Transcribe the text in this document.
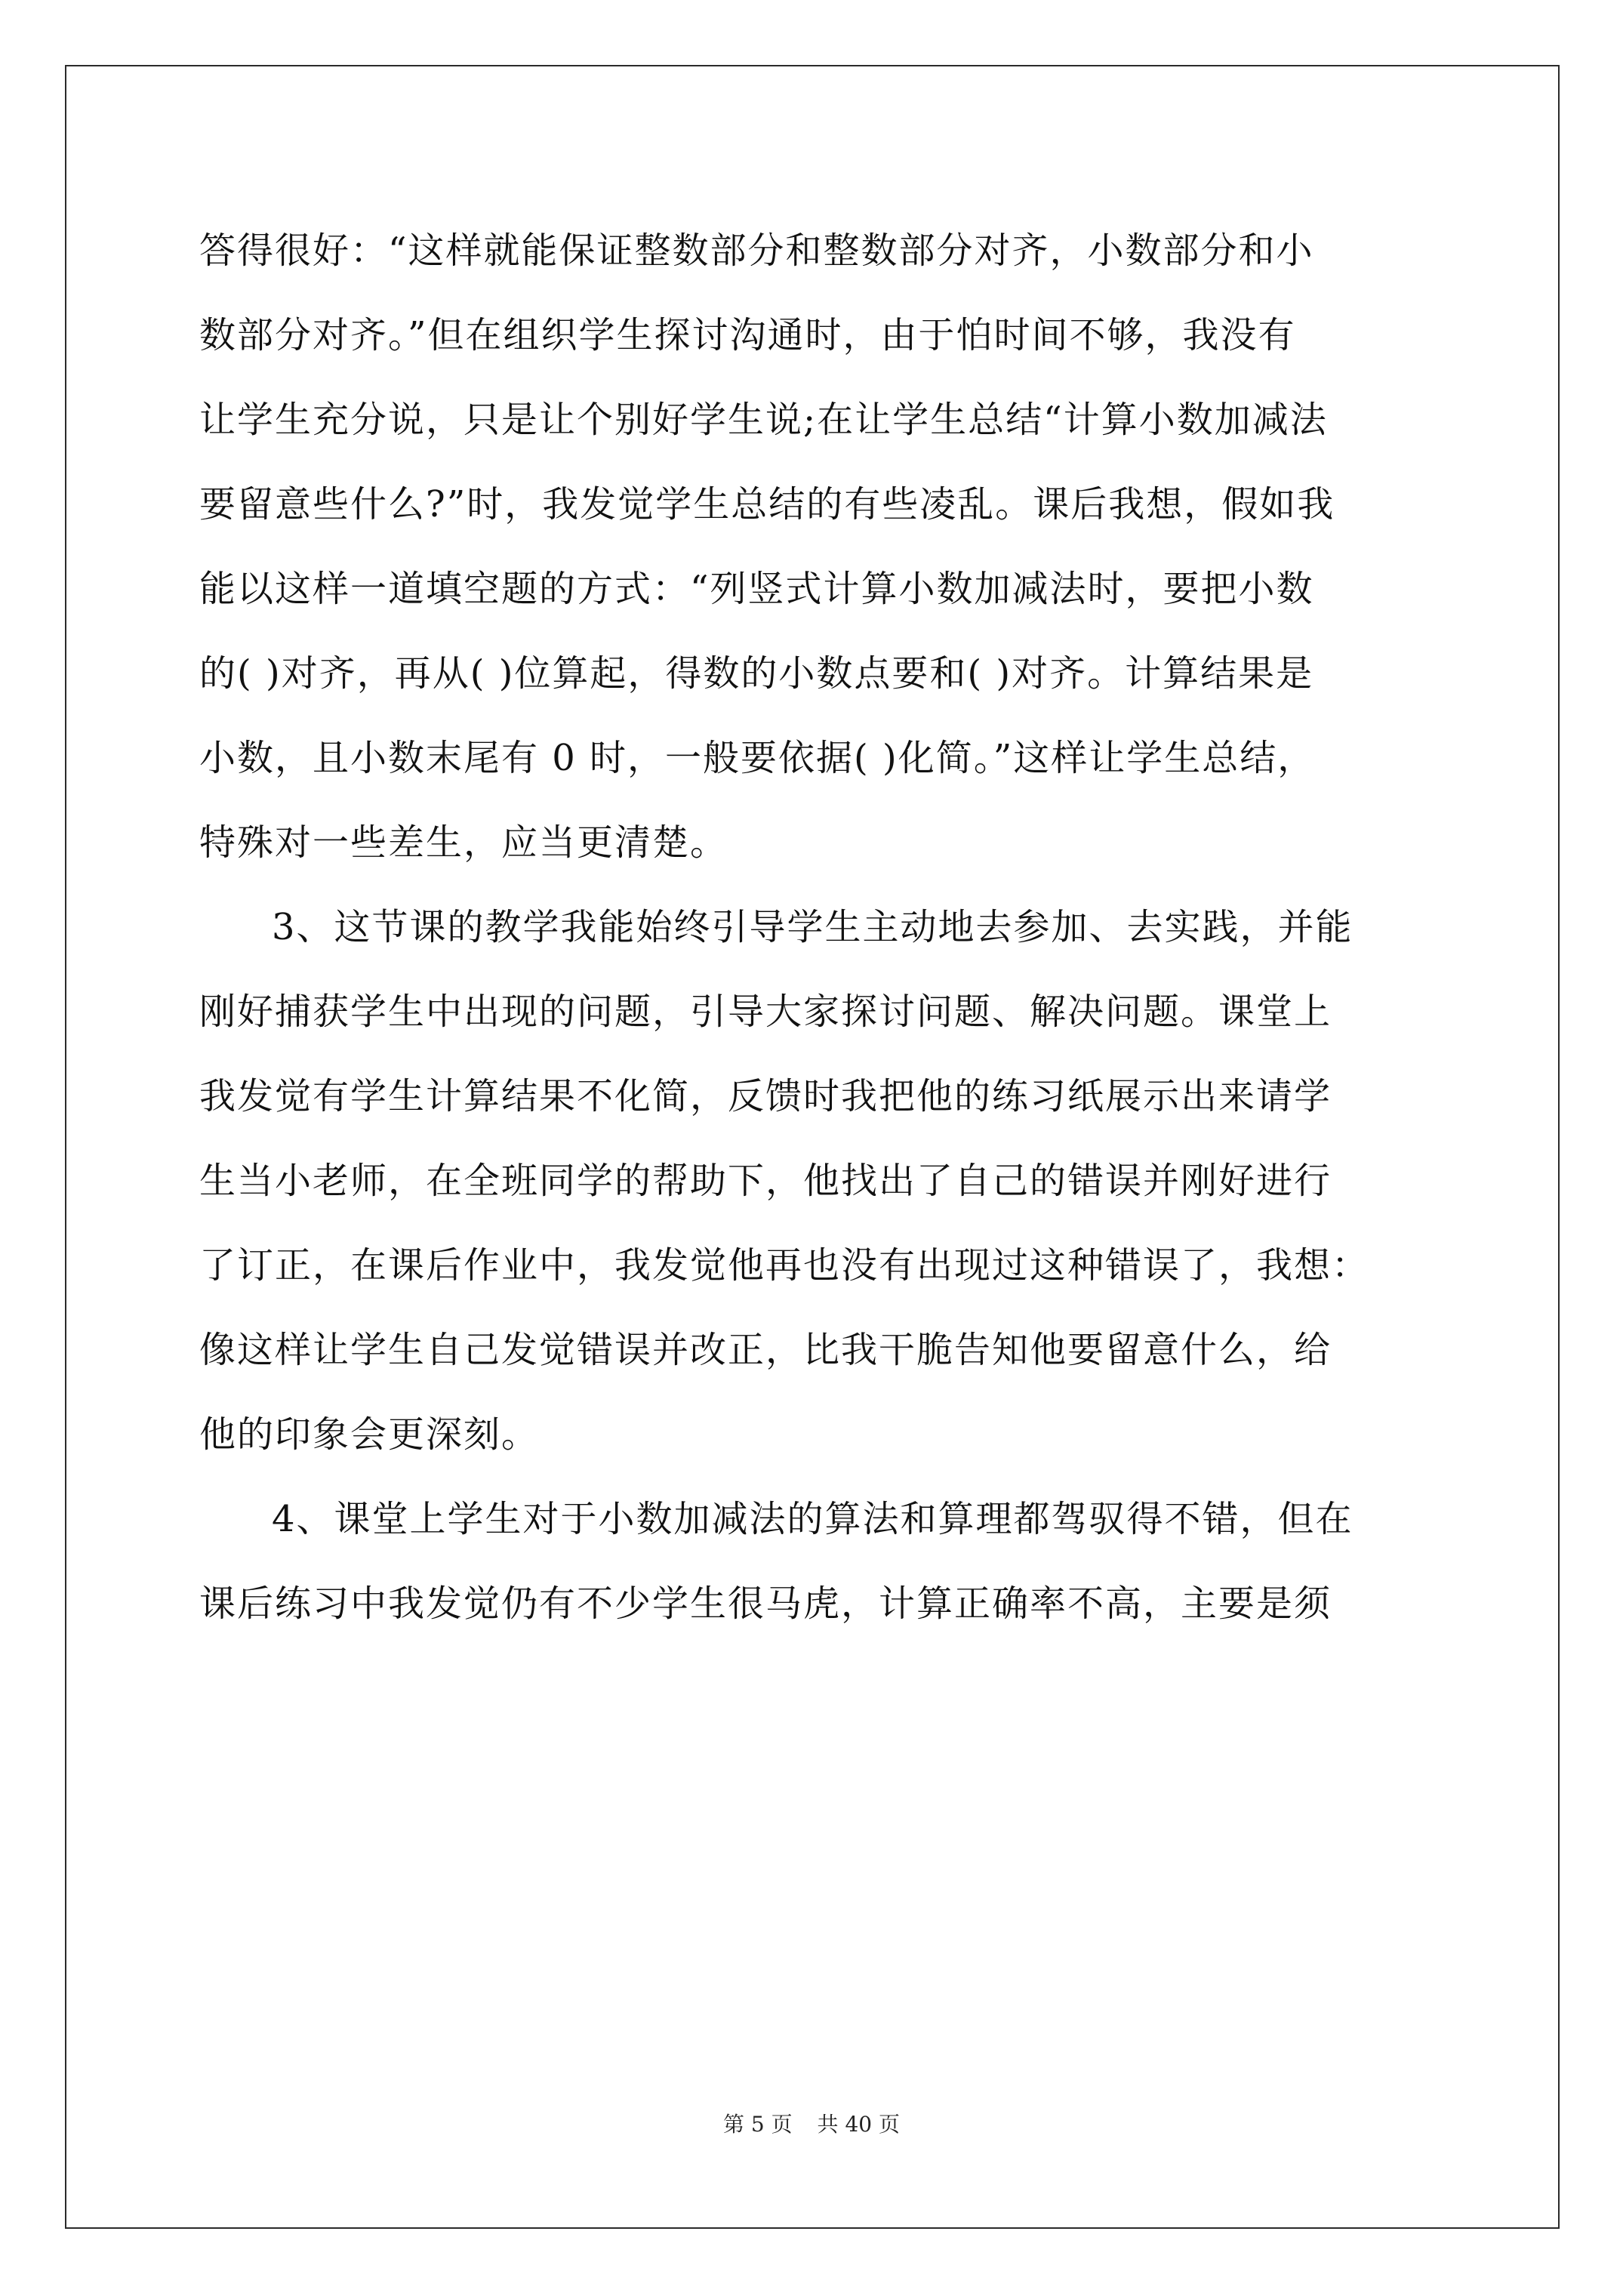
答得很好：“这样就能保证整数部分和整数部分对齐，小数部分和小
数部分对齐。”但在组织学生探讨沟通时，由于怕时间不够，我没有
让学生充分说，只是让个别好学生说;在让学生总结“计算小数加减法
要留意些什么?”时，我发觉学生总结的有些凌乱。课后我想，假如我
能以这样一道填空题的方式：“列竖式计算小数加减法时，要把小数
的( )对齐，再从( )位算起，得数的小数点要和( )对齐。计算结果是
小数，且小数末尾有 0 时，一般要依据( )化简。”这样让学生总结，
特殊对一些差生，应当更清楚。
3、这节课的教学我能始终引导学生主动地去参加、去实践，并能
刚好捕获学生中出现的问题，引导大家探讨问题、解决问题。课堂上
我发觉有学生计算结果不化简，反馈时我把他的练习纸展示出来请学
生当小老师，在全班同学的帮助下，他找出了自己的错误并刚好进行
了订正，在课后作业中，我发觉他再也没有出现过这种错误了，我想：
像这样让学生自己发觉错误并改正，比我干脆告知他要留意什么，给
他的印象会更深刻。
4、课堂上学生对于小数加减法的算法和算理都驾驭得不错，但在
课后练习中我发觉仍有不少学生很马虎，计算正确率不高，主要是须
第 5 页 共 40 页
